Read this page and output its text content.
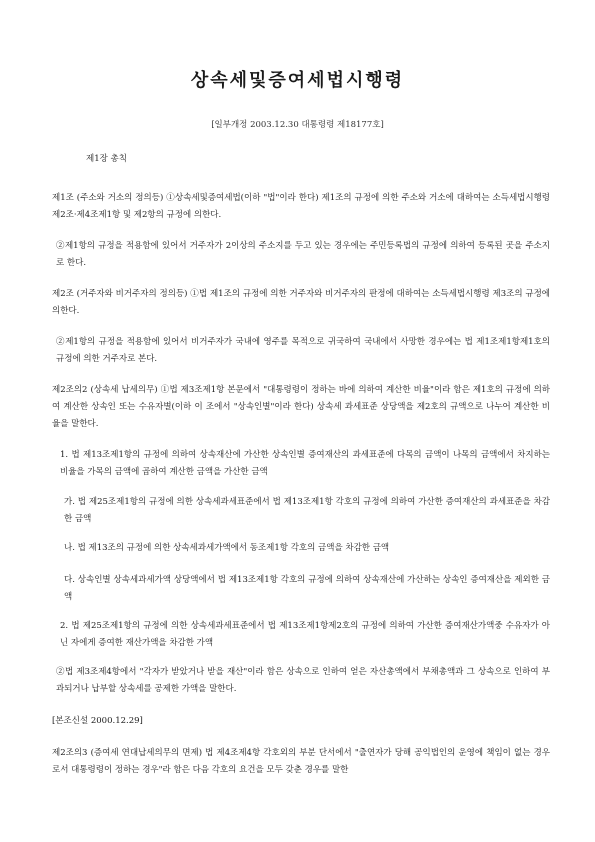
상속세및증여세법시행령
[일부개정 2003.12.30 대통령령 제18177호]
제1장 총칙

제1조 (주소와 거소의 정의등) ①상속세및증여세법(이하 "법"이라 한다) 제1조의 규정에 의한 주소와 거소에 대하여는 소득세법시행령 제2조·제4조제1항 및 제2항의 규정에 의한다.

②제1항의 규정을 적용함에 있어서 거주자가 2이상의 주소지를 두고 있는 경우에는 주민등록법의 규정에 의하여 등록된 곳을 주소지로 한다.

제2조 (거주자와 비거주자의 정의등) ①법 제1조의 규정에 의한 거주자와 비거주자의 판정에 대하여는 소득세법시행령 제3조의 규정에 의한다.

②제1항의 규정을 적용함에 있어서 비거주자가 국내에 영주를 목적으로 귀국하여 국내에서 사망한 경우에는 법 제1조제1항제1호의 규정에 의한 거주자로 본다.

제2조의2 (상속세 납세의무) ①법 제3조제1항 본문에서 "대통령령이 정하는 바에 의하여 계산한 비율"이라 함은 제1호의 규정에 의하여 계산한 상속인 또는 수유자별(이하 이 조에서 "상속인별"이라 한다) 상속세 과세표준 상당액을 제2호의 규액으로 나누어 계산한 비율을 말한다.

1. 법 제13조제1항의 규정에 의하여 상속재산에 가산한 상속인별 증여재산의 과세표준에 다목의 금액이 나목의 금액에서 차지하는 비율을 가목의 금액에 곱하여 계산한 금액을 가산한 금액

가. 법 제25조제1항의 규정에 의한 상속세과세표준에서 법 제13조제1항 각호의 규정에 의하여 가산한 증여재산의 과세표준을 차감한 금액

나. 법 제13조의 규정에 의한 상속세과세가액에서 동조제1항 각호의 금액을 차감한 금액

다. 상속인별 상속세과세가액 상당액에서 법 제13조제1항 각호의 규정에 의하여 상속재산에 가산하는 상속인 증여재산을 제외한 금액

2. 법 제25조제1항의 규정에 의한 상속세과세표준에서 법 제13조제1항제2호의 규정에 의하여 가산한 증여재산가액중 수유자가 아닌 자에게 증여한 재산가액을 차감한 가액

②법 제3조제4항에서 "각자가 받았거나 받을 재산"이라 함은 상속으로 인하여 얻은 자산총액에서 부채총액과 그 상속으로 인하여 부과되거나 납부할 상속세를 공제한 가액을 말한다.

[본조신설 2000.12.29]

제2조의3 (증여세 연대납세의무의 면제) 법 제4조제4항 각호외의 부분 단서에서 "출연자가 당해 공익법인의 운영에 책임이 없는 경우로서 대통령령이 정하는 경우"라 함은 다음 각호의 요건을 모두 갖춘 경우를 말한
